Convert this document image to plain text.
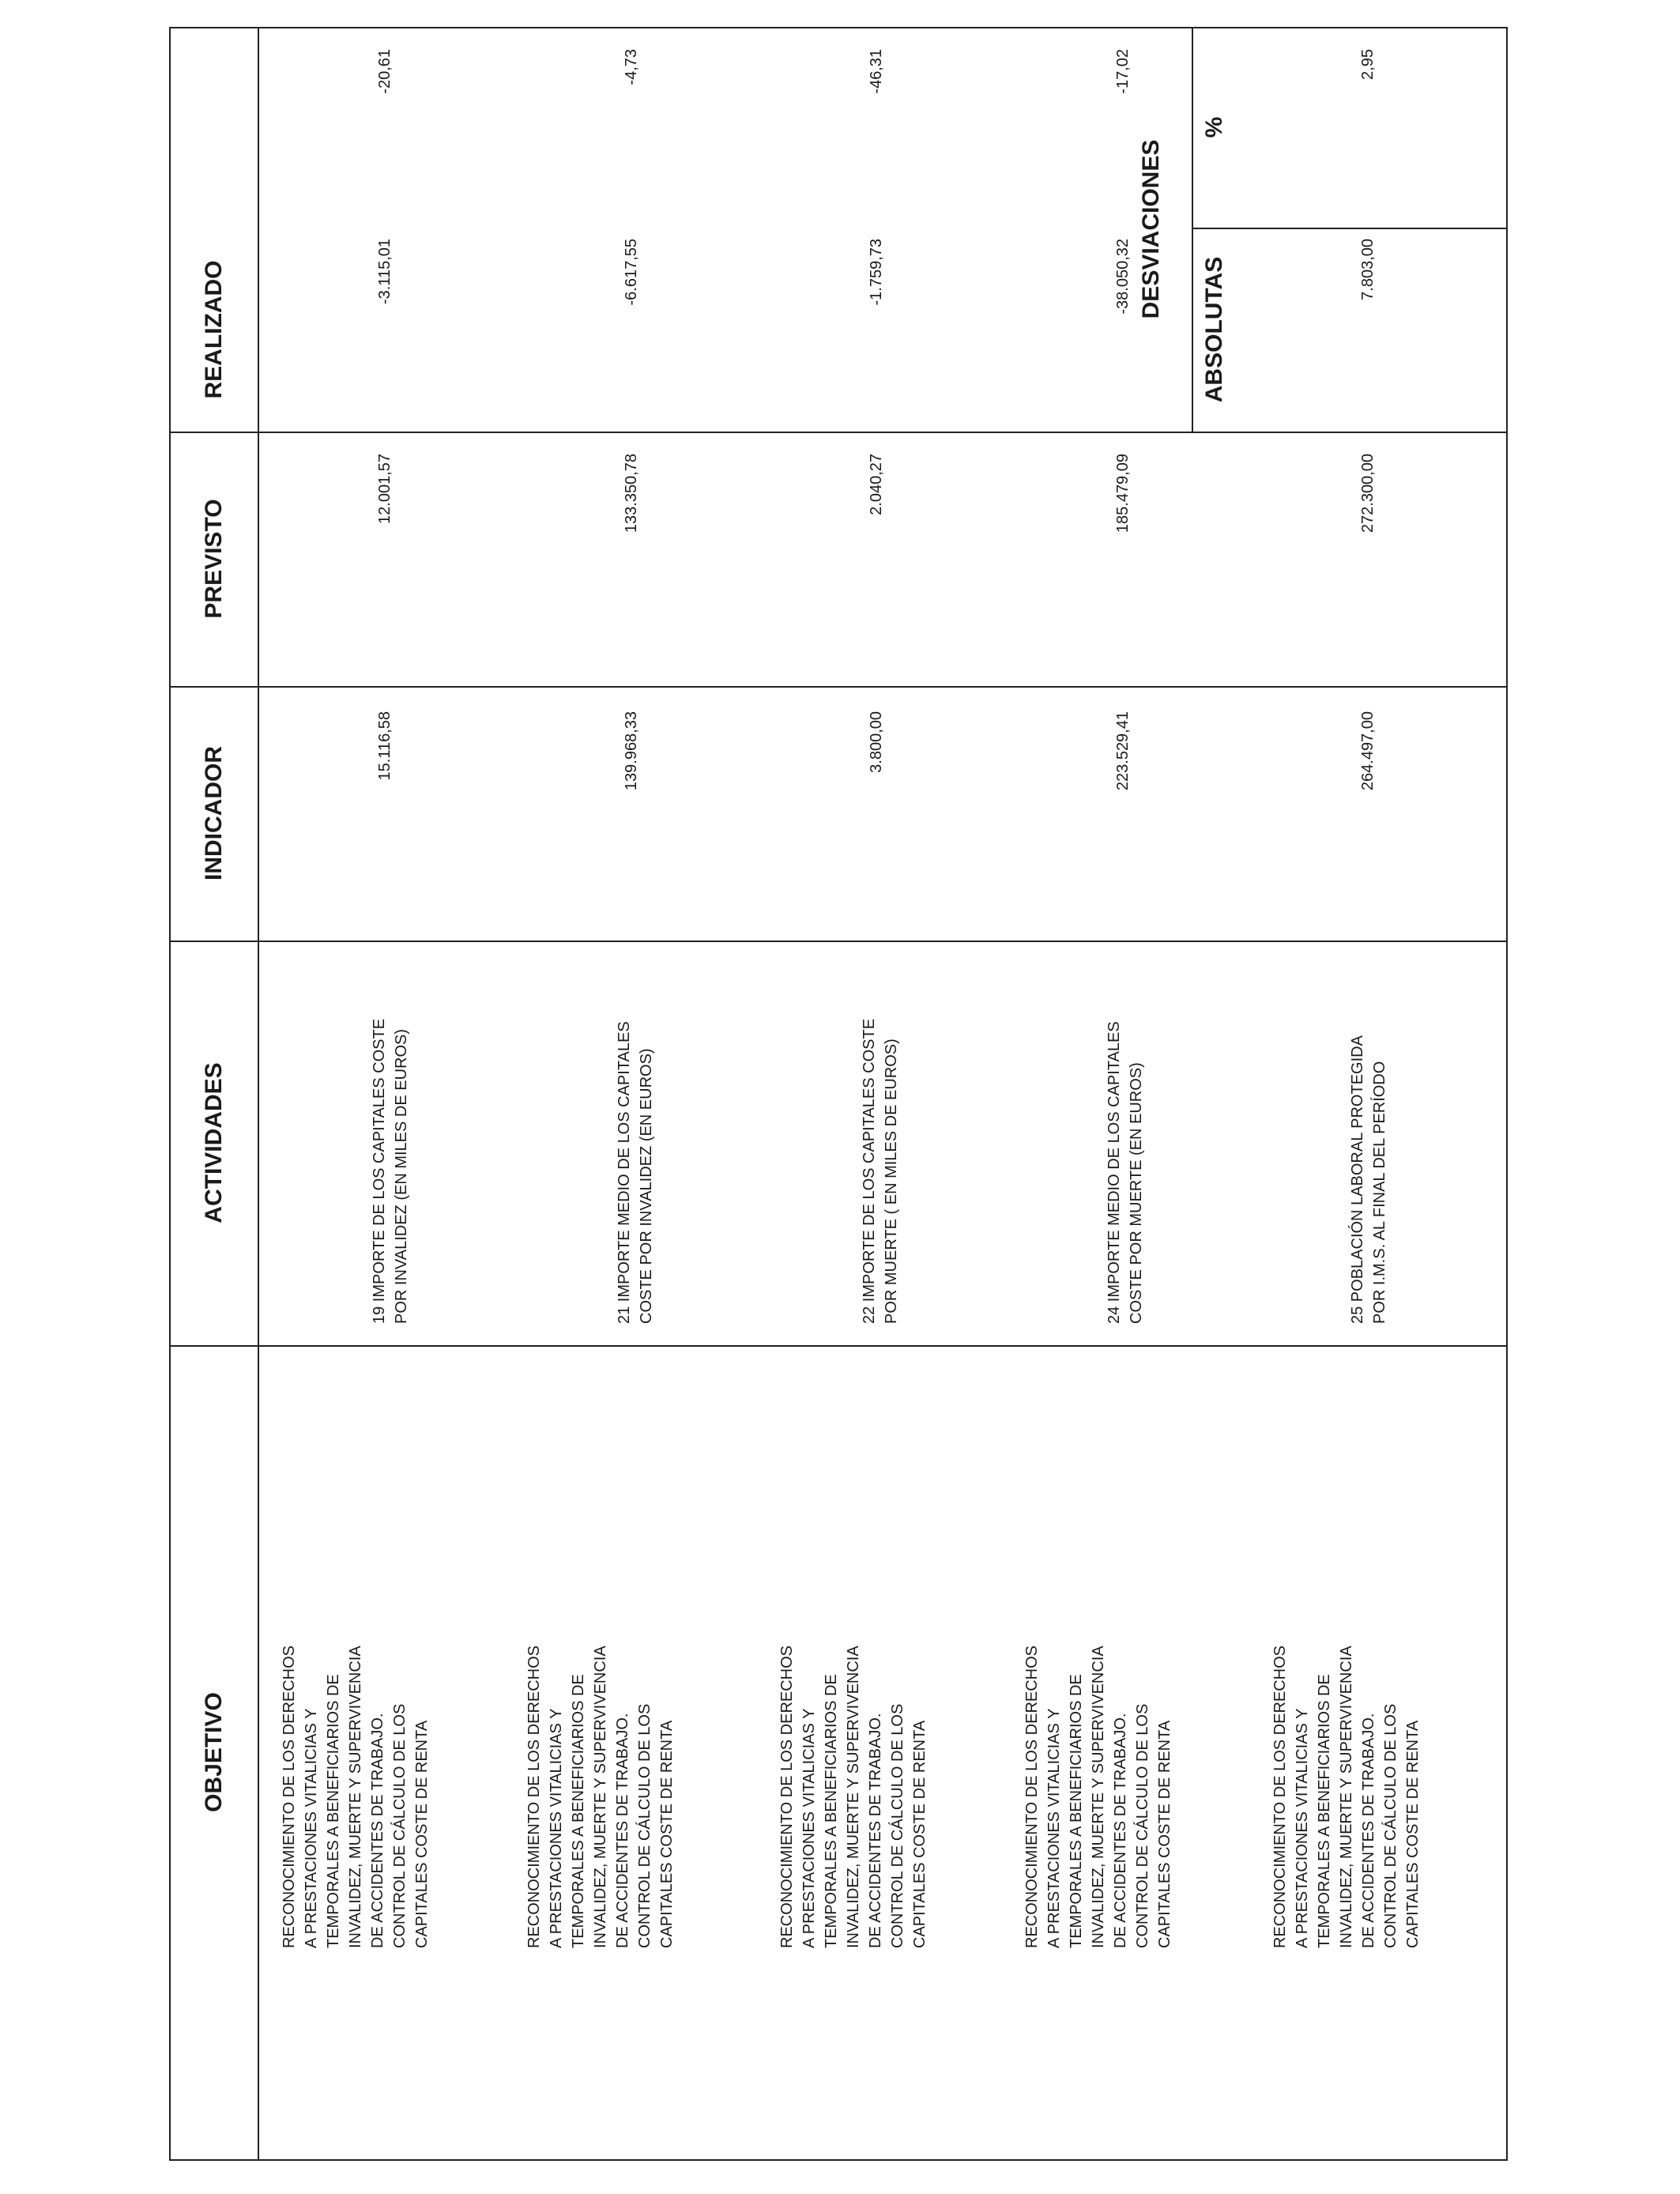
OBJETIVO
ACTIVIDADES
INDICADOR
PREVISTO
REALIZADO
DESVIACIONES
ABSOLUTAS
%
RECONOCIMIENTO DE LOS DERECHOS
A PRESTACIONES VITALICIAS Y
TEMPORALES A BENEFICIARIOS DE
INVALIDEZ, MUERTE Y SUPERVIVENCIA
DE ACCIDENTES DE TRABAJO.
CONTROL DE CÁLCULO DE LOS
CAPITALES COSTE DE RENTA
19 IMPORTE DE LOS CAPITALES COSTE
POR INVALIDEZ (EN MILES DE EUROS)
15.116,58
12.001,57
-3.115,01
-20,61
RECONOCIMIENTO DE LOS DERECHOS
A PRESTACIONES VITALICIAS Y
TEMPORALES A BENEFICIARIOS DE
INVALIDEZ, MUERTE Y SUPERVIVENCIA
DE ACCIDENTES DE TRABAJO.
CONTROL DE CÁLCULO DE LOS
CAPITALES COSTE DE RENTA
21 IMPORTE MEDIO DE LOS CAPITALES
COSTE POR INVALIDEZ (EN EUROS)
139.968,33
133.350,78
-6.617,55
-4,73
RECONOCIMIENTO DE LOS DERECHOS
A PRESTACIONES VITALICIAS Y
TEMPORALES A BENEFICIARIOS DE
INVALIDEZ, MUERTE Y SUPERVIVENCIA
DE ACCIDENTES DE TRABAJO.
CONTROL DE CÁLCULO DE LOS
CAPITALES COSTE DE RENTA
22 IMPORTE DE LOS CAPITALES COSTE
POR MUERTE ( EN MILES DE EUROS)
3.800,00
2.040,27
-1.759,73
-46,31
RECONOCIMIENTO DE LOS DERECHOS
A PRESTACIONES VITALICIAS Y
TEMPORALES A BENEFICIARIOS DE
INVALIDEZ, MUERTE Y SUPERVIVENCIA
DE ACCIDENTES DE TRABAJO.
CONTROL DE CÁLCULO DE LOS
CAPITALES COSTE DE RENTA
24 IMPORTE MEDIO DE LOS CAPITALES
COSTE POR MUERTE (EN EUROS)
223.529,41
185.479,09
-38.050,32
-17,02
RECONOCIMIENTO DE LOS DERECHOS
A PRESTACIONES VITALICIAS Y
TEMPORALES A BENEFICIARIOS DE
INVALIDEZ, MUERTE Y SUPERVIVENCIA
DE ACCIDENTES DE TRABAJO.
CONTROL DE CÁLCULO DE LOS
CAPITALES COSTE DE RENTA
25 POBLACIÓN LABORAL PROTEGIDA
POR I.M.S. AL FINAL DEL PERÍODO
264.497,00
272.300,00
7.803,00
2,95
